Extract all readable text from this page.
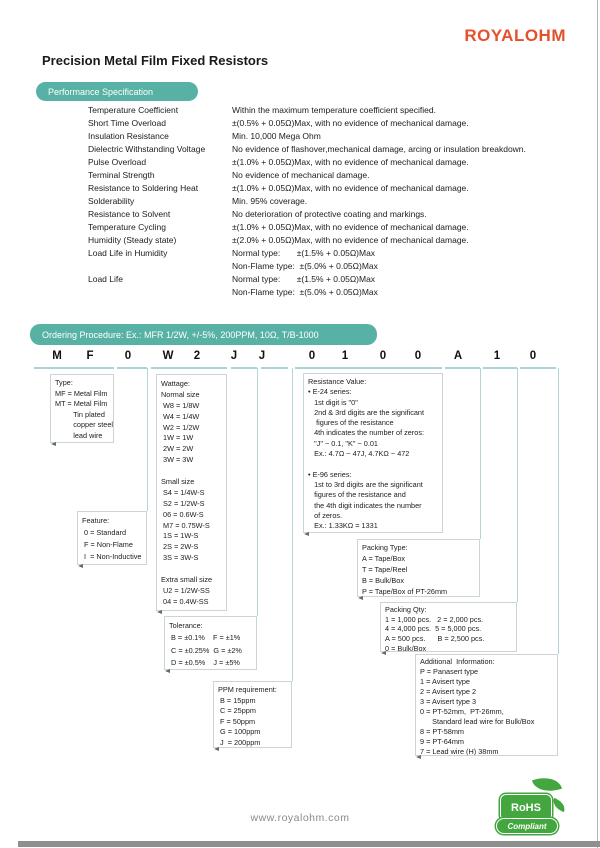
ROYALOHM
Precision Metal Film Fixed Resistors
Performance Specification
Temperature Coefficient	Within the maximum temperature coefficient specified.
Short Time Overload	±(0.5% + 0.05Ω)Max, with no evidence of mechanical damage.
Insulation Resistance	Min. 10,000 Mega Ohm
Dielectric Withstanding Voltage	No evidence of flashover,mechanical damage, arcing or insulation breakdown.
Pulse Overload	±(1.0% + 0.05Ω)Max, with no evidence of mechanical damage.
Terminal Strength	No evidence of mechanical damage.
Resistance to Soldering Heat	±(1.0% + 0.05Ω)Max, with no evidence of mechanical damage.
Solderability	Min. 95% coverage.
Resistance to Solvent	No deterioration of protective coating and markings.
Temperature Cycling	±(1.0% + 0.05Ω)Max, with no evidence of mechanical damage.
Humidity (Steady state)	±(2.0% + 0.05Ω)Max, with no evidence of mechanical damage.
Load Life in Humidity	Normal type:       ±(1.5% + 0.05Ω)Max
Non-Flame type:  ±(5.0% + 0.05Ω)Max
Load Life	Normal type:       ±(1.5% + 0.05Ω)Max
Non-Flame type:  ±(5.0% + 0.05Ω)Max
Ordering Procedure: Ex.: MFR 1/2W, +/-5%, 200PPM, 10Ω, T/B-1000
M F	0	W 2	J J	0 1	0 0	A	1	0
Type:
MF = Metal Film
MT = Metal Film
Tin plated
copper steel
lead wire
Feature:
0 = Standard
F = Non-Flame
I  = Non-Inductive
Wattage:
Normal size
W8 = 1/8W
W4 = 1/4W
W2 = 1/2W
1W = 1W
2W = 2W
3W = 3W

Small size
S4 = 1/4W-S
S2 = 1/2W-S
06 = 0.6W-S
M7 = 0.75W-S
1S = 1W-S
2S = 2W-S
3S = 3W-S

Extra small size
U2 = 1/2W-SS
04 = 0.4W-SS
Tolerance:
B = ±0.1%    F = ±1%
C = ±0.25%  G = ±2%
D = ±0.5%    J = ±5%
PPM requirement:
B = 15ppm
C = 25ppm
F = 50ppm
G = 100ppm
J  = 200ppm
Resistance Value:
• E-24 series:
1st digit is "0"
2nd & 3rd digits are the significant
figures of the resistance
4th indicates the number of zeros:
"J" ~ 0.1, "K" ~ 0.01
Ex.: 4.7Ω ~ 47J, 4.7KΩ ~ 472

• E-96 series:
1st to 3rd digits are the significant
figures of the resistance and
the 4th digit indicates the number
of zeros.
Ex.: 1.33KΩ = 1331
Packing Type:
A = Tape/Box
T = Tape/Reel
B = Bulk/Box
P = Tape/Box of PT-26mm
Packing Qty:
1 = 1,000 pcs.   2 = 2,000 pcs.
4 = 4,000 pcs.  5 = 5,000 pcs.
A = 500 pcs.      B = 2,500 pcs.
0 = Bulk/Box
Additional  Information:
P = Panasert type
1 = Avisert type
2 = Avisert type 2
3 = Avisert type 3
0 = PT-52mm,  PT-26mm,
Standard lead wire for Bulk/Box
8 = PT-58mm
9 = PT-64mm
7 = Lead wire (H) 38mm
www.royalohm.com
RoHS
Compliant
